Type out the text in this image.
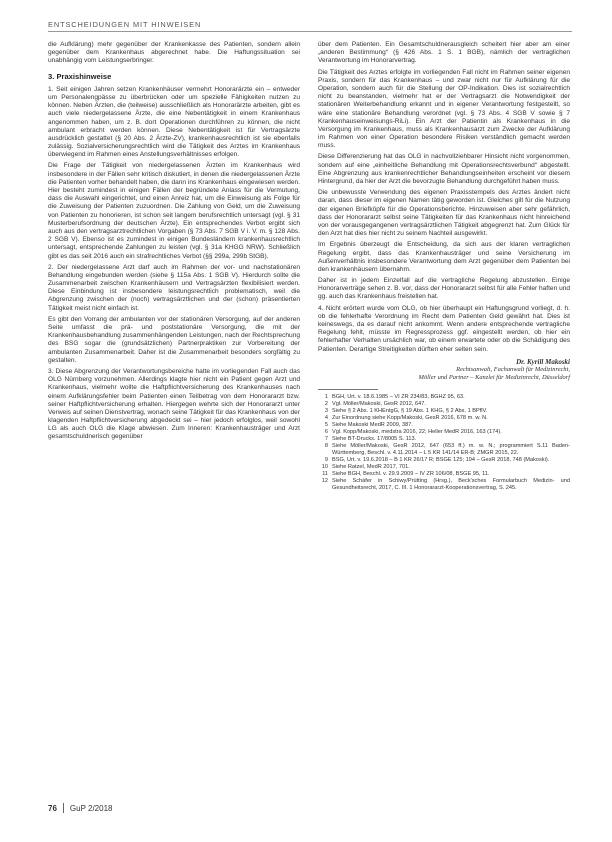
ENTSCHEIDUNGEN MIT HINWEISEN

die Aufklärung) mehr gegenüber der Krankenkasse des Patienten, sondern allein gegenüber dem Krankenhaus abgerechnet habe. Die Haftungssituation sei unabhängig vom Leistungserbringer.

3. Praxishinweise

1. Seit einigen Jahren setzen Krankenhäuser vermehrt Honorarärzte ein – entweder um Personalengpässe zu überbrücken oder um spezielle Fähigkeiten nutzen zu können. Neben Ärzten, die (teilweise) ausschließlich als Honorarärzte arbeiten, gibt es auch viele niedergelassene Ärzte, die eine Nebentätigkeit in einem Krankenhaus angenommen haben, um z. B. dort Operationen durchführen zu können, die nicht ambulant erbracht werden können. Diese Nebentätigkeit ist für Vertragsärzte ausdrücklich gestattet (§ 20 Abs. 2 Ärzte-ZV), krankenhausrechtlich ist sie ebenfalls zulässig. Sozialversicherungsrechtlich wird die Tätigkeit des Arztes im Krankenhaus überwiegend im Rahmen eines Anstellungsverhältnisses erfolgen.

Die Frage der Tätigkeit von niedergelassenen Ärzten im Krankenhaus wird insbesondere in der Fällen sehr kritisch diskutiert, in denen die niedergelassenen Ärzte die Patienten vorher behandelt haben, die dann ins Krankenhaus eingewiesen werden. Hier besteht zumindest in einigen Fällen der begründete Anlass für die Vermutung, dass die Auswahl eingerichtet, und einen Anreiz hat, um die Einweisung als Folge für die Zuweisung der Patienten zuzuordnen. Die Zahlung von Geld, um die Zuweisung von Patienten zu honorieren, ist schon seit langem berufsrechtlich untersagt (vgl. § 31 Musterberufsordnung der deutschen Ärzte). Ein entsprechendes Verbot ergibt sich auch aus den vertragsarztrechtlichen Vorgaben (§ 73 Abs. 7 SGB V i. V. m. § 128 Abs. 2 SGB V). Ebenso ist es zumindest in einigen Bundesländern krankenhausrechtlich untersagt, entsprechende Zahlungen zu leisten (vgl. § 31a KHGG NRW). Schließlich gibt es das seit 2016 auch ein strafrechtliches Verbot (§§ 299a, 299b StGB).

2. Der niedergelassene Arzt darf auch im Rahmen der vor- und nachstationären Behandlung eingebunden werden (siehe § 115a Abs. 1 SGB V). Hierdurch sollte die Zusammenarbeit zwischen Krankenhäusern und Vertragsärzten flexibilisiert werden. Diese Einbindung ist insbesondere leistungsrechtlich problematisch, weil die Abgrenzung zwischen der (noch) vertragsärztlichen und der (schon) präsentierten Tätigkeit meist nicht einfach ist.

Es gibt den Vorrang der ambulanten vor der stationären Versorgung, auf der anderen Seite umfasst die prä- und poststationäre Versorgung, die mit der Krankenhausbehandlung zusammenhängenden Leistungen, nach der Rechtsprechung des BSG sogar die (grundsätzlichen) Partnerpraktiken zur Vorbereitung der ambulanten Zusammenarbeit. Daher ist die Zusammenarbeit besonders sorgfältig zu gestalten.

3. Diese Abgrenzung der Verantwortungsbereiche hatte im vorliegenden Fall auch das OLG Nürnberg vorzunehmen. Allerdings klagte hier nicht ein Patient gegen Arzt und Krankenhaus, vielmehr wollte die Haftpflichtversicherung des Krankenhauses nach einem Aufklärungsfehler beim Patienten einen Teilbetrag von dem Honorararzt bzw. seiner Haftpflichtversicherung erhalten. Hiergegen wehrte sich der Honorararzt unter Verweis auf seinen Dienstvertrag, wonach seine Tätigkeit für das Krankenhaus von der klagenden Haftpflichtversicherung abgedeckt sei – hier jedoch erfolglos, weil sowohl LG als auch OLG die Klage abwiesen. Zum Inneren: Krankenhausträger und Arzt gesamtschuldnerisch gegenüber

über dem Patienten. Ein Gesamtschuldnerausgleich scheitert hier aber am einer „anderen Bestimmung“ (§ 426 Abs. 1 S. 1 BGB), nämlich der vertraglichen Verantwortung im Honorarvertrag.

Die Tätigkeit des Arztes erfolgte im vorliegenden Fall nicht im Rahmen seiner eigenen Praxis, sondern für das Krankenhaus – und zwar nicht nur für Aufklärung für die Operation, sondern auch für die Stellung der OP-Indikation. Dies ist sozialrechtlich nicht zu beanstanden, vielmehr hat er der Vertragsarzt die Notwendigkeit der stationären Weiterbehandlung erkannt und in eigener Verantwortung festgestellt, so wäre eine stationäre Behandlung verordnet (vgl. § 73 Abs. 4 SGB V sowie § 7 Krankenhauseinweisungs-RiLi). Ein Arzt der Patientin als Krankenhaus in die Versorgung im Krankenhaus, muss als Krankenhausarzt zum Zwecke der Aufklärung im Rahmen von einer Operation besondere Risiken verständlich gemacht werden muss.

Diese Differenzierung hat das OLG in nachvollziehbarer Hinsicht nicht vorgenommen, sondern auf eine „einheitliche Behandlung mit Operationsrechtsverbund“ abgestellt. Eine Abgrenzung aus krankenrechtlicher Behandlungseinheiten erscheint vor diesem Hintergrund, da hier der Arzt die bevorzugte Behandlung durchgeführt haben muss.

Die unbewusste Verwendung des eigenen Praxisstempels des Arztes ändert nicht daran, dass dieser im eigenen Namen tätig geworden ist. Gleiches gilt für die Nutzung der eigenen Briefköpfe für die Operationsberichte. Hinzuweisen aber sehr gefährlich, dass der Honorararzt selbst seine Tätigkeiten für das Krankenhaus nicht hinreichend von der vorausgegangenen vertragsärztlichen Tätigkeit abgegrenzt hat. Zum Glück für den Arzt hat dies hier nicht zu seinem Nachteil ausgewirkt.

Im Ergebnis überzeugt die Entscheidung, da sich aus der klaren vertraglichen Regelung ergibt, dass das Krankenhausträger und seine Versicherung im Außenverhältnis insbesondere Verantwortung dem Arzt gegenüber dem Patienten bei den krankenhäusern übernahm.

Daher ist in jedem Einzelfall auf die vertragliche Regelung abzustellen. Einige Honorarverträge sehen z. B. vor, dass der Honorararzt selbst für alle Fehler haften und gg. auch das Krankenhaus freistellen hat.

4. Nicht erörtert wurde vom OLG, ob hier überhaupt ein Haftungsgrund vorliegt, d. h. ob die fehlerhafte Verordnung im Recht dem Patienten Geld gewährt hat. Dies ist keineswegs, da es darauf nicht ankommt. Wenn andere entsprechende vertragliche Regelung fehlt, müsste im Regressprozess ggf. eingestellt werden, ob hier ein fehlerhafter Verhalten ursächlich war, ob einem erwartete oder ob die Schädigung des Patienten. Derartige Streitigkeiten dürften eher selten sein.

Dr. Kyrill Makoski
Rechtsanwalt, Fachanwalt für Medizinrecht,
Möller und Partner – Kanzlei für Medizinrecht, Düsseldorf
1 BGH, Urt. v. 18.6.1985 – VI ZR 234/83, BGHZ 95, 63.
2 Vgl. Möller/Makoski, GesR 2012, 647.
3 Siehe § 2 Abs. 1 KHEntgG, § 19 Abs. 1 KHG, § 2 Abs. 1 BPflV.
4 Zur Einordnung siehe Kopp/Makoski, GesR 2016, 678 m. w. N.
5 Siehe Makoski MedR 2009, 387.
6 Vgl. Kopp/Makoski, medstra 2016, 22; Heller MedR 2016, 163 (174).
7 Siehe BT-Drucks. 17/8005 S. 113.
8 Siehe Möller/Makoski, GesR 2012, 647 (653 ff.) m. w. N.; programmiert S.11 Baden-Württemberg, Beschl. v. 4.11.2014 – L 5 KR 141/14 ER-B; ZMGR 2015, 22.
9 BSG, Urt. v. 19.6.2018 – B 1 KR 26/17 R; BSGE 125; 194 – GesR 2018, 748 (Makoski).
10 Siehe Ratzel, MedR 2017, 701.
11 Siehe BGH, Beschl. v. 29.9.2009 – IV ZR 106/08, BSGE 95, 11.
12 Siehe Schäfer in Schiwy/Prütting (Hrsg.), Beck'sches Formularbuch Medizin- und Gesundheitsrecht, 2017, C. III. 1 Honorararzt-Kooperationsvertrag, S. 245.
76 GuP 2/2018
